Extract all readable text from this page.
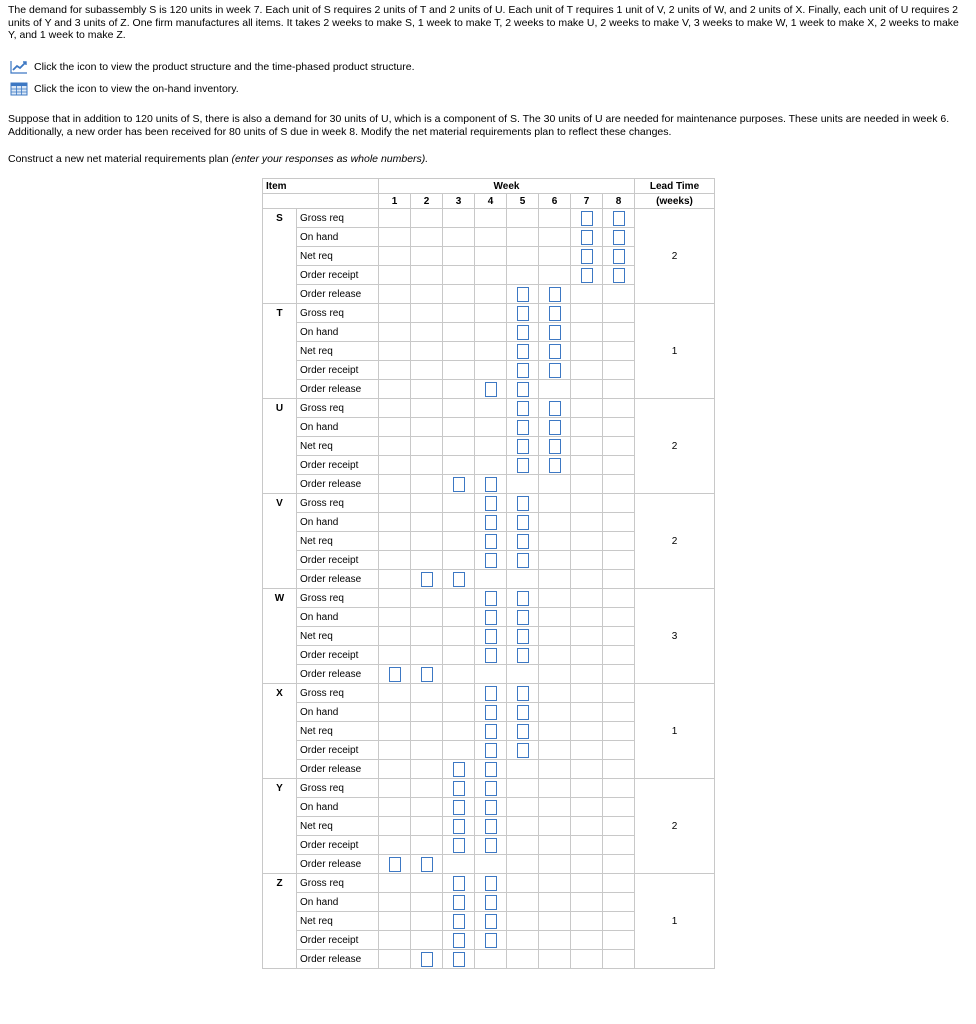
The demand for subassembly S is 120 units in week 7. Each unit of S requires 2 units of T and 2 units of U. Each unit of T requires 1 unit of V, 2 units of W, and 2 units of X. Finally, each unit of U requires 2 units of Y and 3 units of Z. One firm manufactures all items. It takes 2 weeks to make S, 1 week to make T, 2 weeks to make U, 2 weeks to make V, 3 weeks to make W, 1 week to make X, 2 weeks to make Y, and 1 week to make Z.

Click the icon to view the product structure and the time-phased product structure.
Click the icon to view the on-hand inventory.

Suppose that in addition to 120 units of S, there is also a demand for 30 units of U, which is a component of S. The 30 units of U are needed for maintenance purposes. These units are needed in week 6. Additionally, a new order has been received for 80 units of S due in week 8. Modify the net material requirements plan to reflect these changes.

Construct a new net material requirements plan (enter your responses as whole numbers).

Item		Week								Lead Time
		1	2	3	4	5	6	7	8	(weeks)
S	Gross req									2
	On hand									
	Net req									
	Order receipt									
	Order release									
T	Gross req									1
	On hand									
	Net req									
	Order receipt									
	Order release									
U	Gross req									2
	On hand									
	Net req									
	Order receipt									
	Order release									
V	Gross req									2
	On hand									
	Net req									
	Order receipt									
	Order release									
W	Gross req									3
	On hand									
	Net req									
	Order receipt									
	Order release									
X	Gross req									1
	On hand									
	Net req									
	Order receipt									
	Order release									
Y	Gross req									2
	On hand									
	Net req									
	Order receipt									
	Order release									
Z	Gross req									1
	On hand									
	Net req									
	Order receipt									
	Order release									
